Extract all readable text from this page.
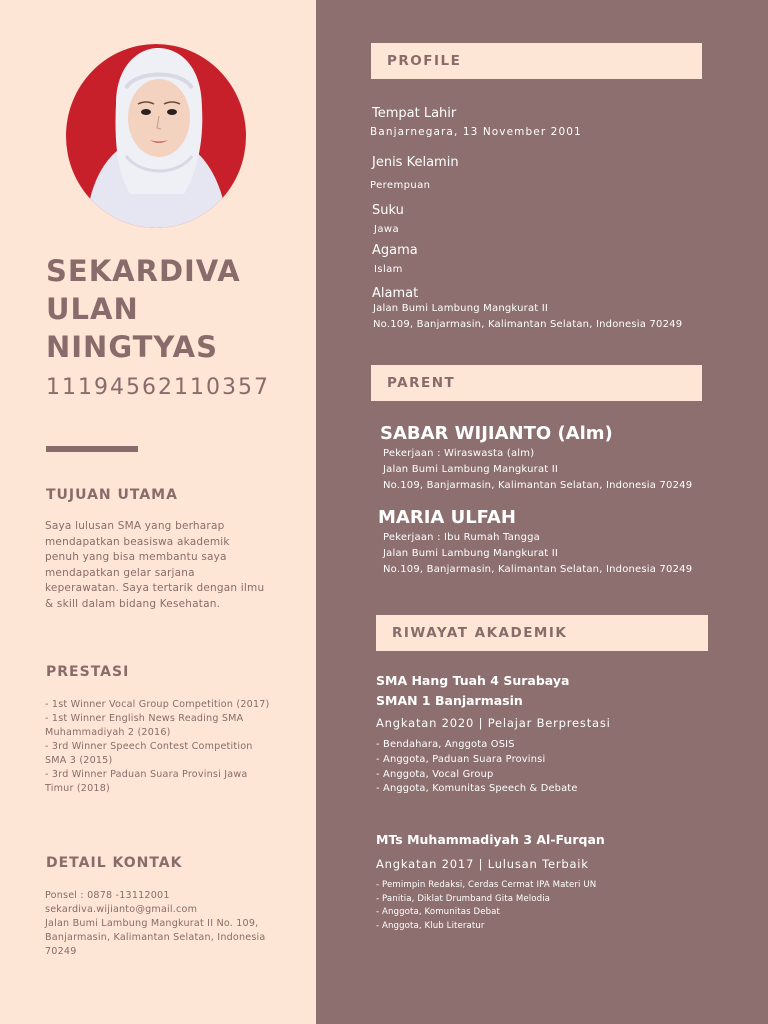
SEKARDIVA
ULAN
NINGTYAS
11194562110357
TUJUAN UTAMA
Saya lulusan SMA yang berharap
mendapatkan beasiswa akademik
penuh yang bisa membantu saya
mendapatkan gelar sarjana
keperawatan. Saya tertarik dengan ilmu
& skill dalam bidang Kesehatan.
PRESTASI
- 1st Winner Vocal Group Competition (2017)
- 1st Winner English News Reading SMA
Muhammadiyah 2 (2016)
- 3rd Winner Speech Contest Competition
SMA 3 (2015)
- 3rd Winner Paduan Suara Provinsi Jawa
Timur (2018)
DETAIL KONTAK
Ponsel : 0878 -13112001
sekardiva.wijianto@gmail.com
Jalan Bumi Lambung Mangkurat II No. 109,
Banjarmasin, Kalimantan Selatan, Indonesia
70249
PROFILE
Tempat Lahir
Banjarnegara, 13 November 2001
Jenis Kelamin
Perempuan
Suku
Jawa
Agama
Islam
Alamat
Jalan Bumi Lambung Mangkurat II
No.109, Banjarmasin, Kalimantan Selatan, Indonesia 70249
PARENT
SABAR WIJIANTO (Alm)
Pekerjaan : Wiraswasta (alm)
Jalan Bumi Lambung Mangkurat II
No.109, Banjarmasin, Kalimantan Selatan, Indonesia 70249
MARIA ULFAH
Pekerjaan : Ibu Rumah Tangga
Jalan Bumi Lambung Mangkurat II
No.109, Banjarmasin, Kalimantan Selatan, Indonesia 70249
RIWAYAT AKADEMIK
SMA Hang Tuah 4 Surabaya
SMAN 1 Banjarmasin
Angkatan 2020 | Pelajar Berprestasi
- Bendahara, Anggota OSIS
- Anggota, Paduan Suara Provinsi
- Anggota, Vocal Group
- Anggota, Komunitas Speech & Debate
MTs Muhammadiyah 3 Al-Furqan
Angkatan 2017 | Lulusan Terbaik
- Pemimpin Redaksi, Cerdas Cermat IPA Materi UN
- Panitia, Diklat Drumband Gita Melodia
- Anggota, Komunitas Debat
- Anggota, Klub Literatur
